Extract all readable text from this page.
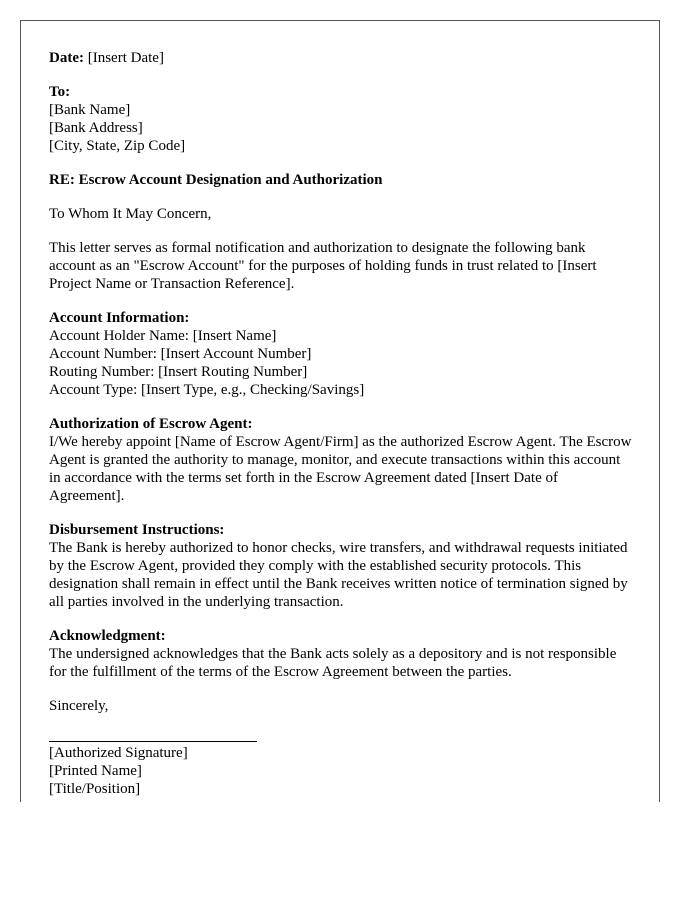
Date: [Insert Date]

To:
[Bank Name]
[Bank Address]
[City, State, Zip Code]

RE: Escrow Account Designation and Authorization

To Whom It May Concern,

This letter serves as formal notification and authorization to designate the following bank account as an "Escrow Account" for the purposes of holding funds in trust related to [Insert Project Name or Transaction Reference].

Account Information:
Account Holder Name: [Insert Name]
Account Number: [Insert Account Number]
Routing Number: [Insert Routing Number]
Account Type: [Insert Type, e.g., Checking/Savings]

Authorization of Escrow Agent:
I/We hereby appoint [Name of Escrow Agent/Firm] as the authorized Escrow Agent. The Escrow Agent is granted the authority to manage, monitor, and execute transactions within this account in accordance with the terms set forth in the Escrow Agreement dated [Insert Date of Agreement].

Disbursement Instructions:
The Bank is hereby authorized to honor checks, wire transfers, and withdrawal requests initiated by the Escrow Agent, provided they comply with the established security protocols. This designation shall remain in effect until the Bank receives written notice of termination signed by all parties involved in the underlying transaction.

Acknowledgment:
The undersigned acknowledges that the Bank acts solely as a depository and is not responsible for the fulfillment of the terms of the Escrow Agreement between the parties.

Sincerely,

[Authorized Signature]
[Printed Name]
[Title/Position]
